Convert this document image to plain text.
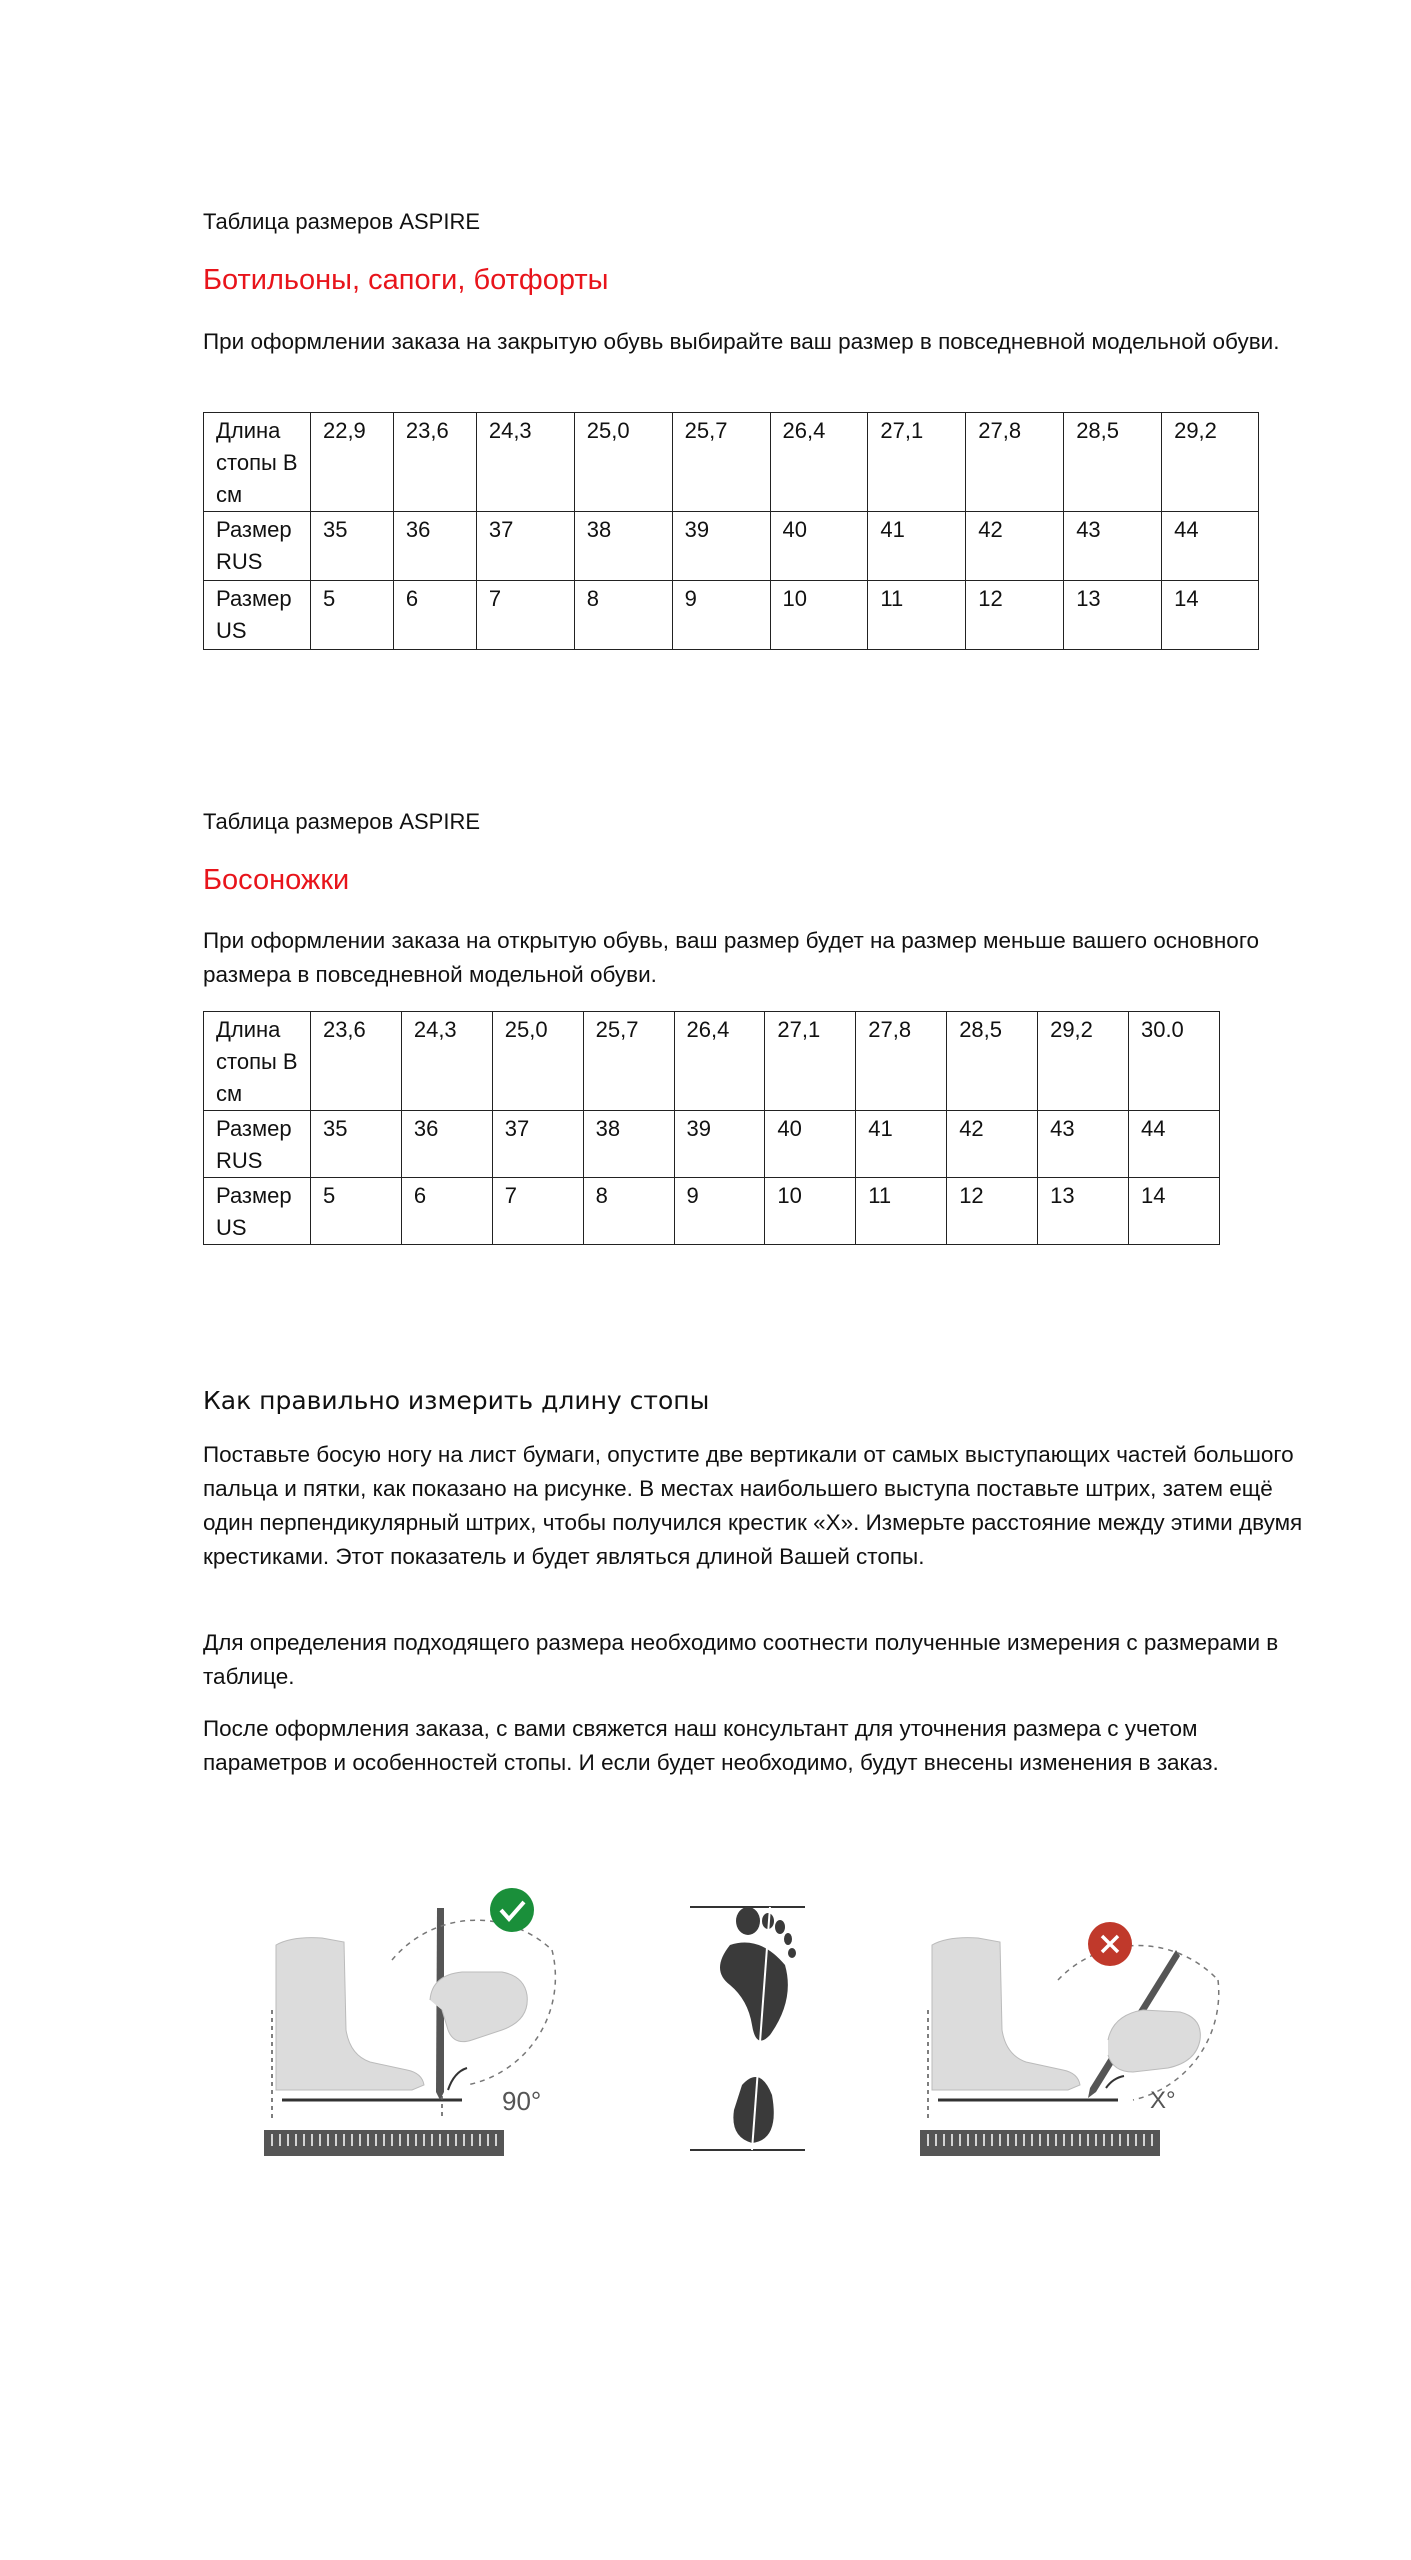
Таблица размеров ASPIRE
Ботильоны, сапоги, ботфорты

При оформлении заказа на закрытую обувь выбирайте ваш размер в повседневной модельной обуви.

Длина стопы В см	22,9	23,6	24,3	25,0	25,7	26,4	27,1	27,8	28,5	29,2
Размер RUS	35	36	37	38	39	40	41	42	43	44
Размер US	5	6	7	8	9	10	11	12	13	14
Таблица размеров ASPIRE
Босоножки

При оформлении заказа на открытую обувь, ваш размер будет на размер меньше вашего основного размера в повседневной модельной обуви.

Длина стопы В см	23,6	24,3	25,0	25,7	26,4	27,1	27,8	28,5	29,2	30.0
Размер RUS	35	36	37	38	39	40	41	42	43	44
Размер US	5	6	7	8	9	10	11	12	13	14
Как правильно измерить длину стопы

Поставьте босую ногу на лист бумаги, опустите две вертикали от самых выступающих частей большого пальца и пятки, как показано на рисунке. В местах наибольшего выступа поставьте штрих, затем ещё один перпендикулярный штрих, чтобы получился крестик «Х». Измерьте расстояние между этими двумя крестиками. Этот показатель и будет являться длиной Вашей стопы.

Для определения подходящего размера необходимо соотнести полученные измерения с размерами в таблице.

После оформления заказа, с вами свяжется наш консультант для уточнения размера с учетом параметров и особенностей стопы. И если будет необходимо, будут внесены изменения в заказ.

90°	X°
